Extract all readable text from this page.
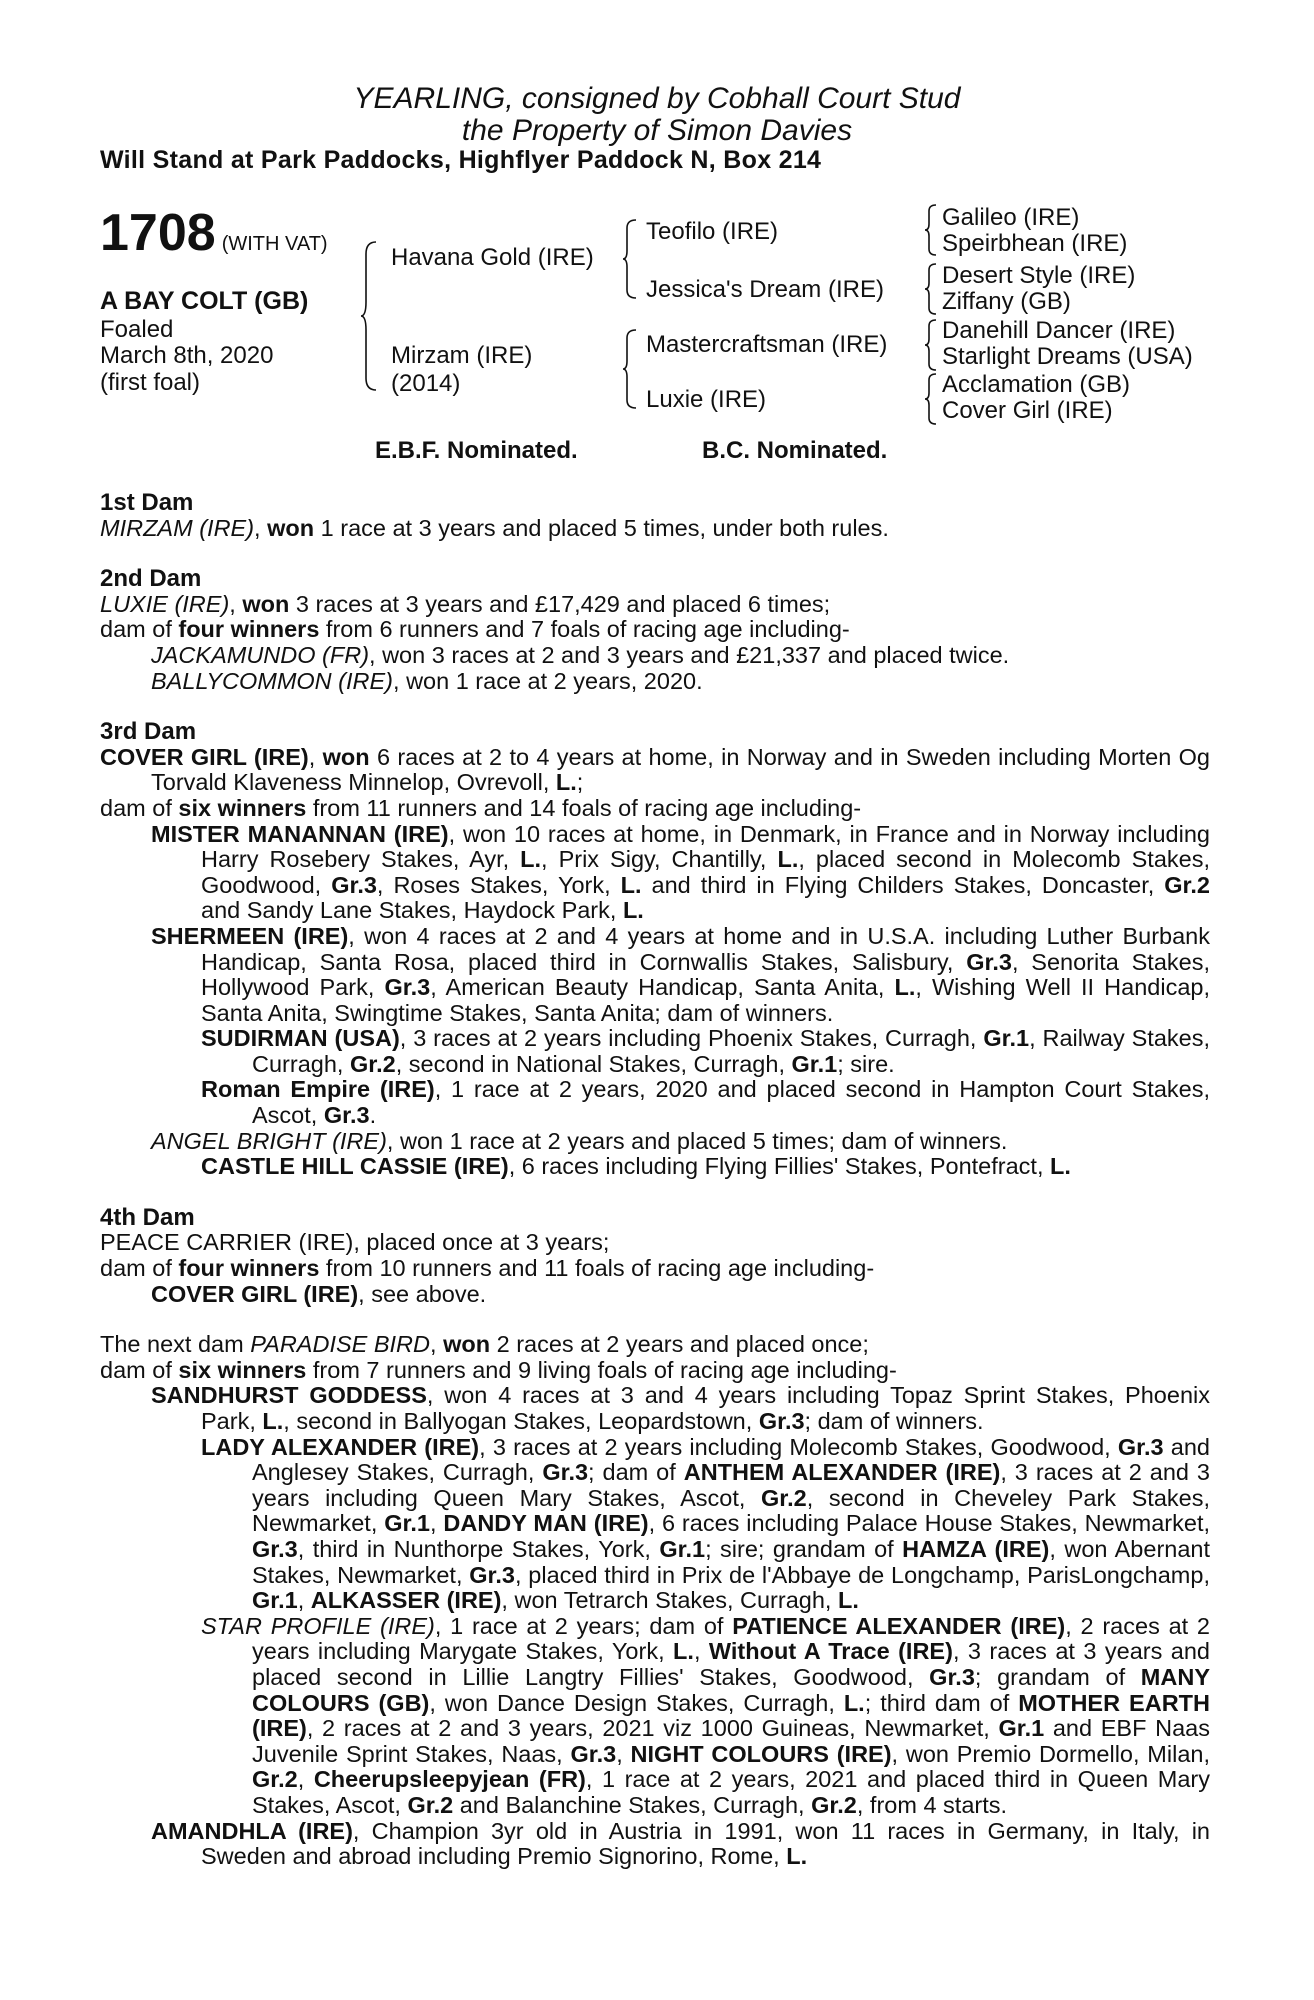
YEARLING, consigned by Cobhall Court Stud
the Property of Simon Davies
Will Stand at Park Paddocks, Highflyer Paddock N, Box 214
1708 (WITH VAT)
A BAY COLT (GB)
Foaled
March 8th, 2020
(first foal)
Havana Gold (IRE)
Mirzam (IRE)
(2014)
Teofilo (IRE)
Jessica's Dream (IRE)
Mastercraftsman (IRE)
Luxie (IRE)
Galileo (IRE)
Speirbhean (IRE)
Desert Style (IRE)
Ziffany (GB)
Danehill Dancer (IRE)
Starlight Dreams (USA)
Acclamation (GB)
Cover Girl (IRE)
E.B.F. Nominated.	B.C. Nominated.
1st Dam

MIRZAM (IRE), won 1 race at 3 years and placed 5 times, under both rules.

2nd Dam

LUXIE (IRE), won 3 races at 3 years and £17,429 and placed 6 times;

dam of four winners from 6 runners and 7 foals of racing age including-

JACKAMUNDO (FR), won 3 races at 2 and 3 years and £21,337 and placed twice.

BALLYCOMMON (IRE), won 1 race at 2 years, 2020.

3rd Dam

COVER GIRL (IRE), won 6 races at 2 to 4 years at home, in Norway and in Sweden including Morten Og Torvald Klaveness Minnelop, Ovrevoll, L.;

dam of six winners from 11 runners and 14 foals of racing age including-

MISTER MANANNAN (IRE), won 10 races at home, in Denmark, in France and in Norway including Harry Rosebery Stakes, Ayr, L., Prix Sigy, Chantilly, L., placed second in Molecomb Stakes, Goodwood, Gr.3, Roses Stakes, York, L. and third in Flying Childers Stakes, Doncaster, Gr.2 and Sandy Lane Stakes, Haydock Park, L.

SHERMEEN (IRE), won 4 races at 2 and 4 years at home and in U.S.A. including Luther Burbank Handicap, Santa Rosa, placed third in Cornwallis Stakes, Salisbury, Gr.3, Senorita Stakes, Hollywood Park, Gr.3, American Beauty Handicap, Santa Anita, L., Wishing Well II Handicap, Santa Anita, Swingtime Stakes, Santa Anita; dam of winners.

SUDIRMAN (USA), 3 races at 2 years including Phoenix Stakes, Curragh, Gr.1, Railway Stakes, Curragh, Gr.2, second in National Stakes, Curragh, Gr.1; sire.

Roman Empire (IRE), 1 race at 2 years, 2020 and placed second in Hampton Court Stakes, Ascot, Gr.3.

ANGEL BRIGHT (IRE), won 1 race at 2 years and placed 5 times; dam of winners.

CASTLE HILL CASSIE (IRE), 6 races including Flying Fillies' Stakes, Pontefract, L.

4th Dam

PEACE CARRIER (IRE), placed once at 3 years;

dam of four winners from 10 runners and 11 foals of racing age including-

COVER GIRL (IRE), see above.

The next dam PARADISE BIRD, won 2 races at 2 years and placed once;

dam of six winners from 7 runners and 9 living foals of racing age including-

SANDHURST GODDESS, won 4 races at 3 and 4 years including Topaz Sprint Stakes, Phoenix Park, L., second in Ballyogan Stakes, Leopardstown, Gr.3; dam of winners.

LADY ALEXANDER (IRE), 3 races at 2 years including Molecomb Stakes, Goodwood, Gr.3 and Anglesey Stakes, Curragh, Gr.3; dam of ANTHEM ALEXANDER (IRE), 3 races at 2 and 3 years including Queen Mary Stakes, Ascot, Gr.2, second in Cheveley Park Stakes, Newmarket, Gr.1, DANDY MAN (IRE), 6 races including Palace House Stakes, Newmarket, Gr.3, third in Nunthorpe Stakes, York, Gr.1; sire; grandam of HAMZA (IRE), won Abernant Stakes, Newmarket, Gr.3, placed third in Prix de l'Abbaye de Longchamp, ParisLongchamp, Gr.1, ALKASSER (IRE), won Tetrarch Stakes, Curragh, L.

STAR PROFILE (IRE), 1 race at 2 years; dam of PATIENCE ALEXANDER (IRE), 2 races at 2 years including Marygate Stakes, York, L., Without A Trace (IRE), 3 races at 3 years and placed second in Lillie Langtry Fillies' Stakes, Goodwood, Gr.3; grandam of MANY COLOURS (GB), won Dance Design Stakes, Curragh, L.; third dam of MOTHER EARTH (IRE), 2 races at 2 and 3 years, 2021 viz 1000 Guineas, Newmarket, Gr.1 and EBF Naas Juvenile Sprint Stakes, Naas, Gr.3, NIGHT COLOURS (IRE), won Premio Dormello, Milan, Gr.2, Cheerupsleepyjean (FR), 1 race at 2 years, 2021 and placed third in Queen Mary Stakes, Ascot, Gr.2 and Balanchine Stakes, Curragh, Gr.2, from 4 starts.

AMANDHLA (IRE), Champion 3yr old in Austria in 1991, won 11 races in Germany, in Italy, in Sweden and abroad including Premio Signorino, Rome, L.
